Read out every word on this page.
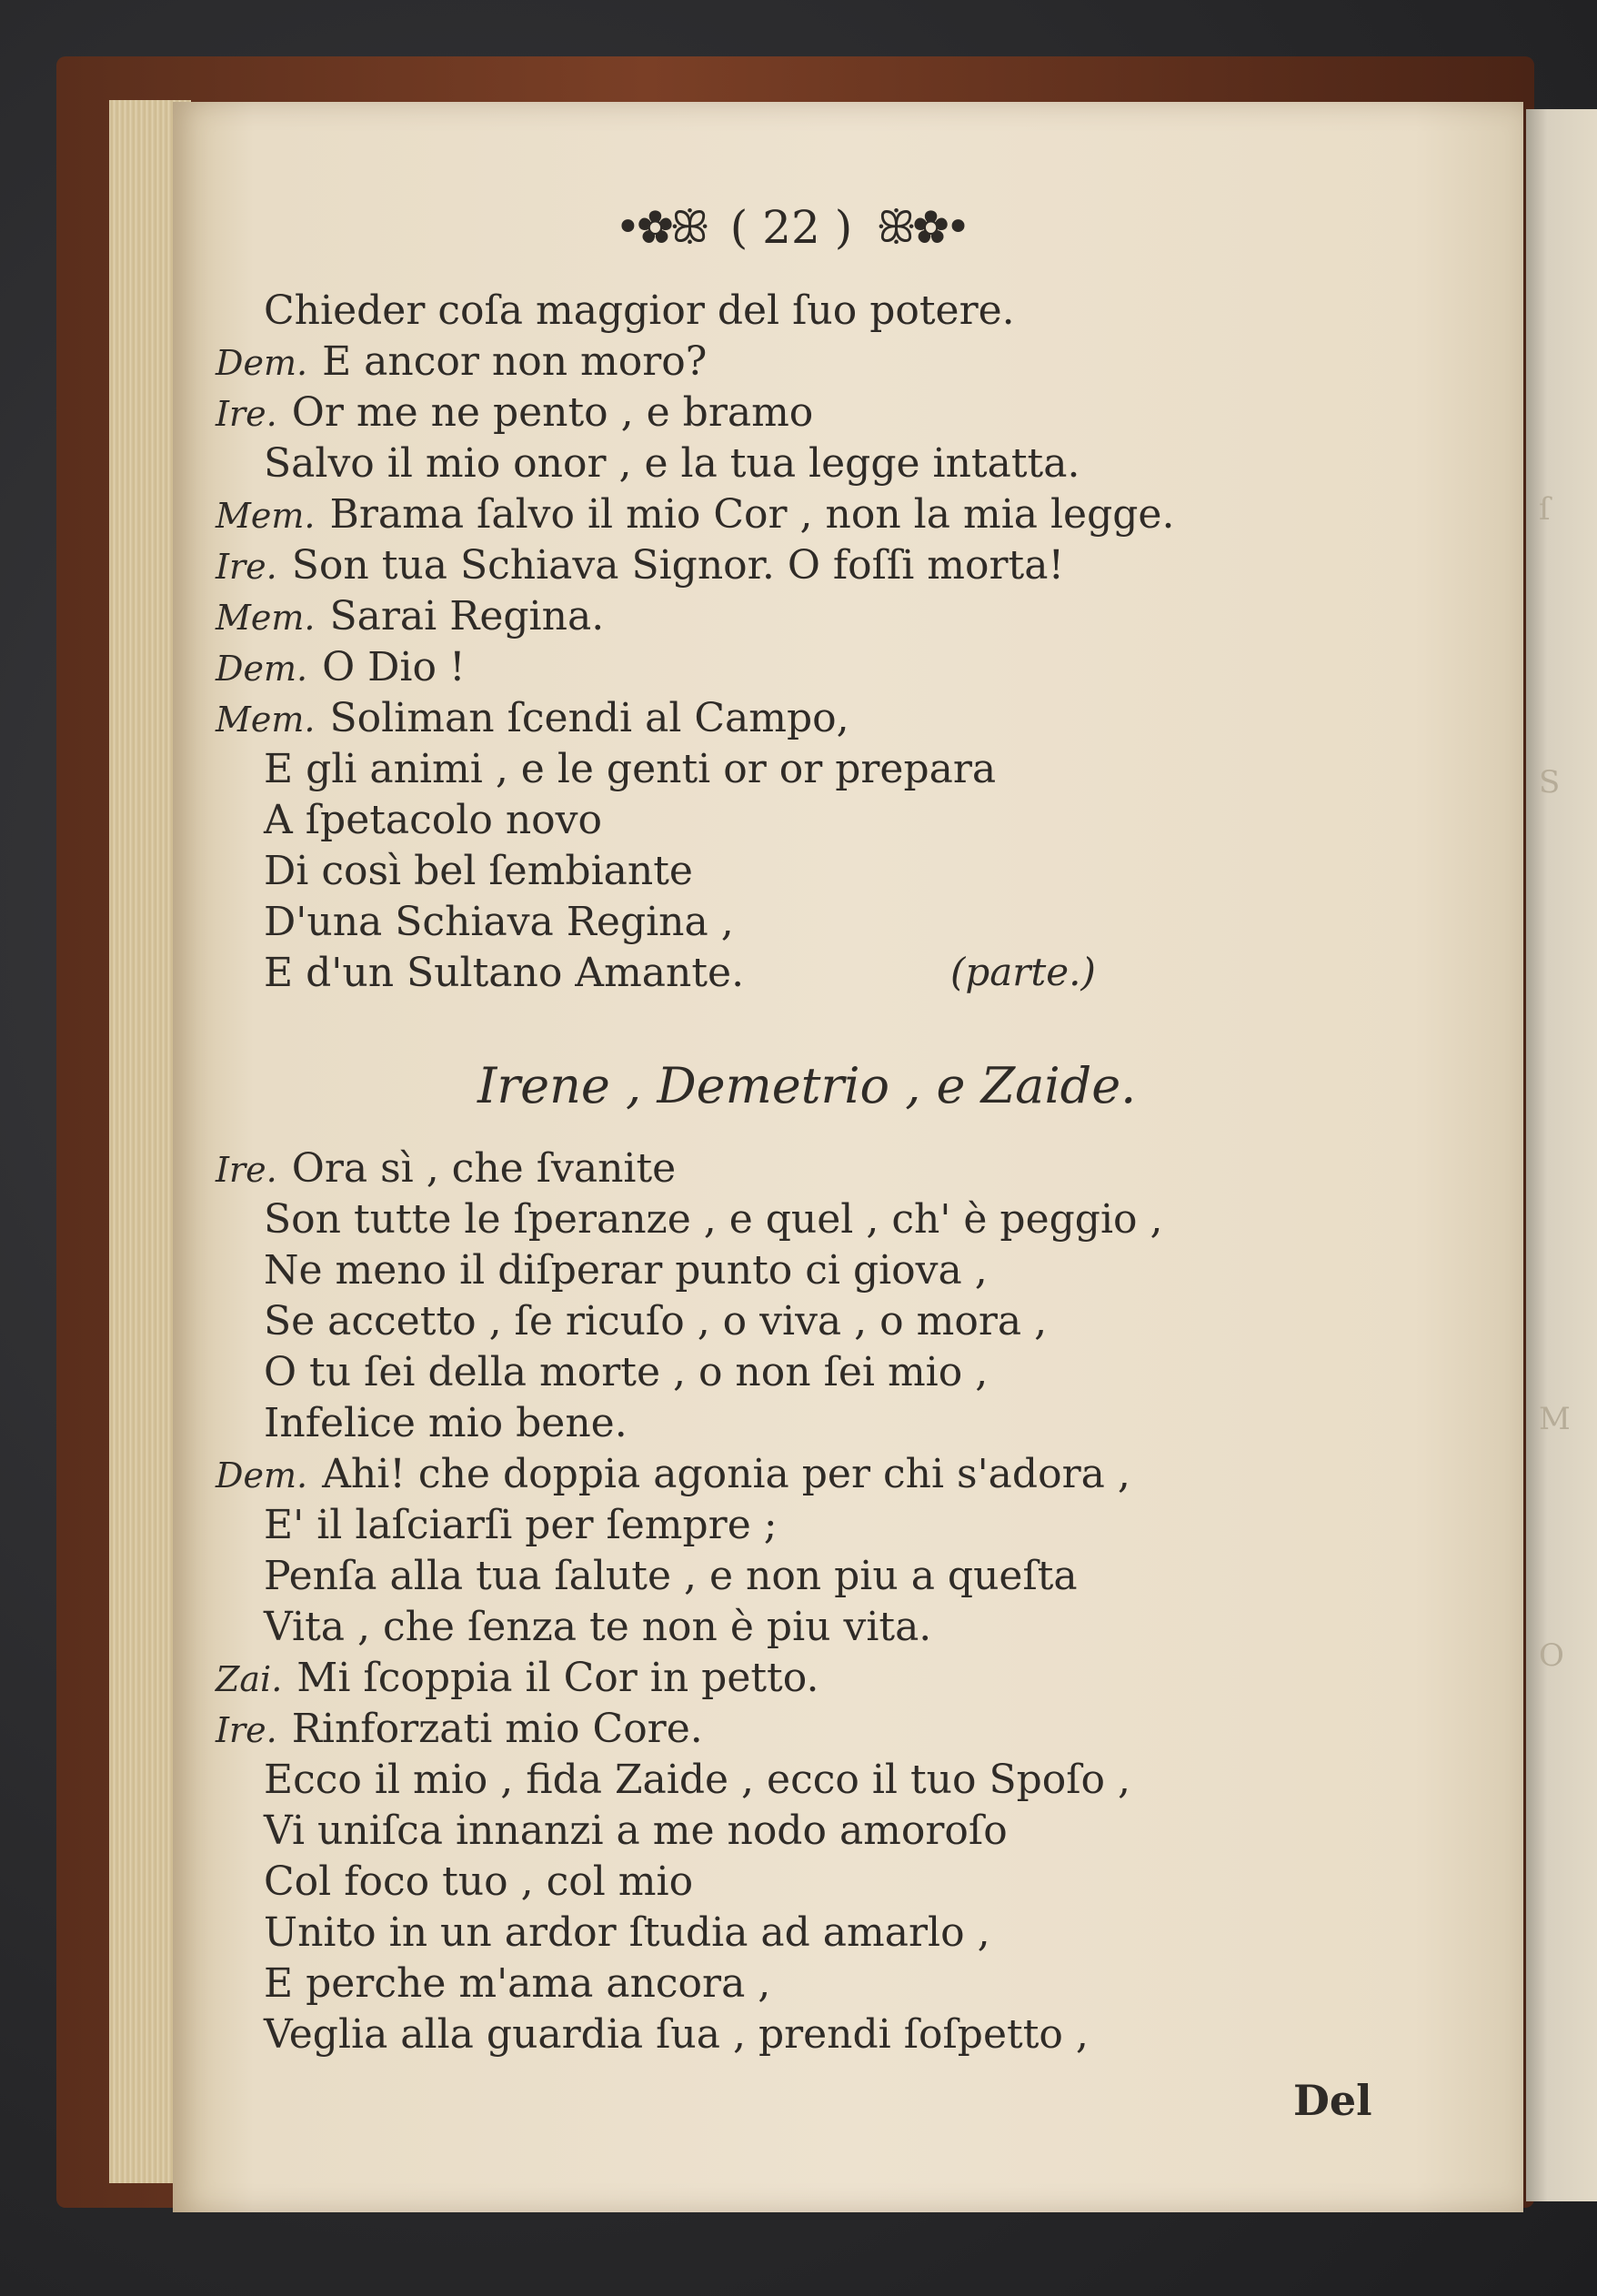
ſ
S
M
O
•✿ꕥ ( 22 ) ꕥ✿•
Chieder coſa maggior del ſuo potere.
Dem. E ancor non moro?
Ire. Or me ne pento , e bramo
Salvo il mio onor , e la tua legge intatta.
Mem. Brama ſalvo il mio Cor , non la mia legge.
Ire. Son tua Schiava Signor. O foſſi morta!
Mem. Sarai Regina.
Dem. O Dio !
Mem. Soliman ſcendi al Campo,
E gli animi , e le genti or or prepara
A ſpetacolo novo
Di così bel ſembiante
D'una Schiava Regina ,
E d'un Sultano Amante.	(parte.)
Irene , Demetrio , e Zaide.
Ire. Ora sì , che ſvanite
Son tutte le ſperanze , e quel , ch' è peggio ,
Ne meno il diſperar punto ci giova ,
Se accetto , ſe ricuſo , o viva , o mora ,
O tu ſei della morte , o non ſei mio ,
Infelice mio bene.
Dem. Ahi! che doppia agonia per chi s'adora ,
E' il laſciarſi per ſempre ;
Penſa alla tua ſalute , e non piu a queſta
Vita , che ſenza te non è piu vita.
Zai. Mi ſcoppia il Cor in petto.
Ire. Rinforzati mio Core.
Ecco il mio , fida Zaide , ecco il tuo Spoſo ,
Vi uniſca innanzi a me nodo amoroſo
Col foco tuo , col mio
Unito in un ardor ſtudia ad amarlo ,
E perche m'ama ancora ,
Veglia alla guardia ſua , prendi ſoſpetto ,
Del
